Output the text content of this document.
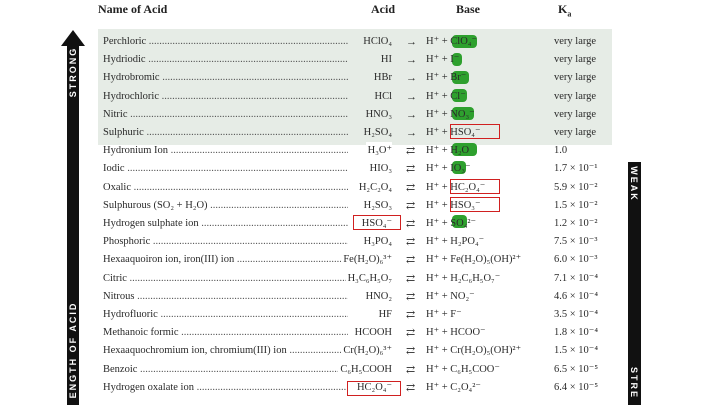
Name of Acid	Acid	Base	$K_a$
STRONG
ENGTH OF ACID
WEAK
STRE
Perchloric .....	HClO₄ → H⁺ + ClO₄⁻	very large
Hydriodic .....	HI → H⁺ + I⁻	very large
Hydrobromic .....	HBr → H⁺ + Br⁻	very large
Hydrochloric .....	HCl → H⁺ + Cl⁻	very large
Nitric .....	HNO₃ → H⁺ + NO₃⁻	very large
Sulphuric .....	H₂SO₄ → H⁺ + HSO₄⁻	very large
Hydronium Ion .....	H₃O⁺ ⇄ H⁺ + H₂O	1.0
Iodic .....	HIO₃ ⇄ H⁺ + IO₃⁻	1.7 × 10⁻¹
Oxalic .....	H₂C₂O₄ ⇄ H⁺ + HC₂O₄⁻	5.9 × 10⁻²
Sulphurous (SO₂ + H₂O) .....	H₂SO₃ ⇄ H⁺ + HSO₃⁻	1.5 × 10⁻²
Hydrogen sulphate ion .....	HSO₄⁻ ⇄ H⁺ + SO₄²⁻	1.2 × 10⁻²
Phosphoric .....	H₃PO₄ ⇄ H⁺ + H₂PO₄⁻	7.5 × 10⁻³
Hexaaquoiron ion, iron(III) ion .....	Fe(H₂O)₆³⁺ ⇄ H⁺ + Fe(H₂O)₅(OH)²⁺	6.0 × 10⁻³
Citric .....	H₃C₆H₅O₇ ⇄ H⁺ + H₂C₆H₅O₇⁻	7.1 × 10⁻⁴
Nitrous .....	HNO₂ ⇄ H⁺ + NO₂⁻	4.6 × 10⁻⁴
Hydrofluoric .....	HF ⇄ H⁺ + F⁻	3.5 × 10⁻⁴
Methanoic formic .....	HCOOH ⇄ H⁺ + HCOO⁻	1.8 × 10⁻⁴
Hexaaquochromium ion, chromium(III) ion .....	Cr(H₂O)₆³⁺ ⇄ H⁺ + Cr(H₂O)₅(OH)²⁺	1.5 × 10⁻⁴
Benzoic .....	C₆H₅COOH ⇄ H⁺ + C₆H₅COO⁻	6.5 × 10⁻⁵
Hydrogen oxalate ion .....	HC₂O₄⁻ ⇄ H⁺ + C₂O₄²⁻	6.4 × 10⁻⁵
